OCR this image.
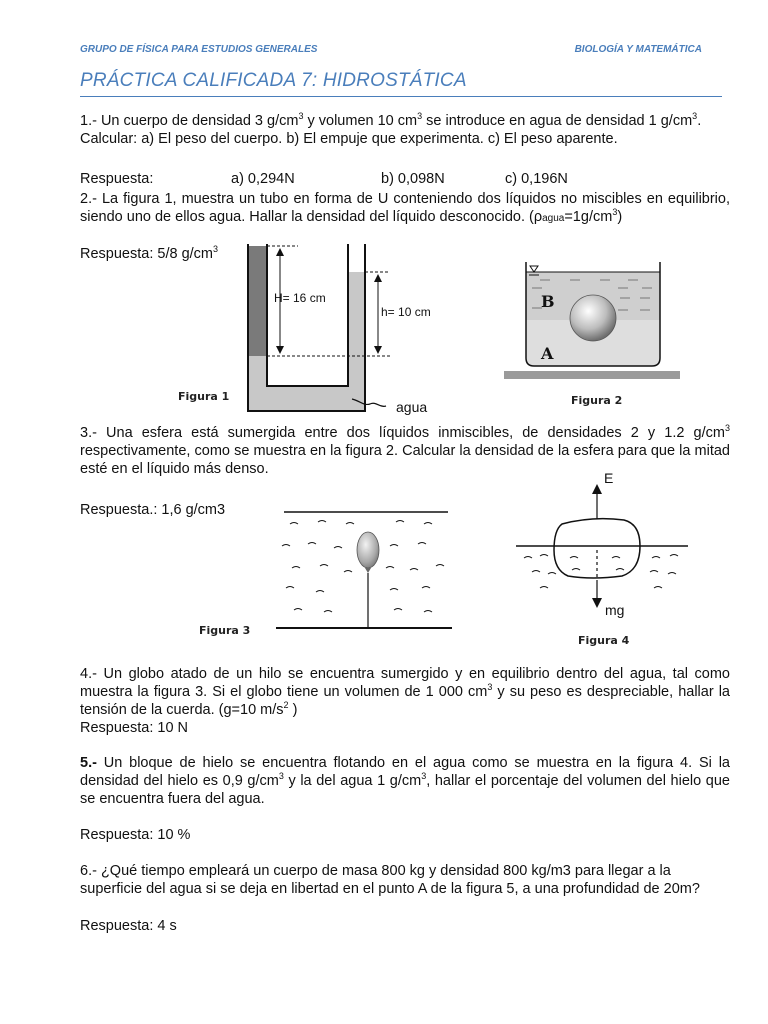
GRUPO DE FÍSICA PARA ESTUDIOS GENERALES	BIOLOGÍA Y MATEMÁTICA
PRÁCTICA CALIFICADA 7: HIDROSTÁTICA
1.- Un cuerpo de densidad 3 $g/cm^3$ y volumen 10 $cm^3$ se introduce en agua de densidad 1 $g/cm^3$.
Calcular: a) El peso del cuerpo. b) El empuje que experimenta. c) El peso aparente.
Respuesta:	a) 0,294N	b) 0,098N	c) 0,196N
2.- La figura 1, muestra un tubo en forma de U conteniendo dos líquidos no miscibles en equilibrio, siendo uno de ellos agua. Hallar la densidad del líquido desconocido. $(\rho agua=1g/cm^3)$
Respuesta: 5/8 $g/cm^3$
H= 16 cm
h= 10 cm
agua
Figura 1
B
A
Figura 2
3.- Una esfera está sumergida entre dos líquidos inmiscibles, de densidades 2 y 1.2 $g/cm^3$ respectivamente, como se muestra en la figura 2. Calcular la densidad de la esfera para que la mitad esté en el líquido más denso.
Respuesta.: 1,6 g/cm3
Figura 3
E
mg
Figura 4
4.- Un globo atado de un hilo se encuentra sumergido y en equilibrio dentro del agua, tal como muestra la figura 3. Si el globo tiene un volumen de 1 000 $cm^3$ y su peso es despreciable, hallar la tensión de la cuerda. (g=10 $m/s^2$ )
Respuesta: 10 N
5.- Un bloque de hielo se encuentra flotando en el agua como se muestra en la figura 4. Si la densidad del hielo es 0,9 $g/cm^3$ y la del agua 1 $g/cm^3$, hallar el porcentaje del volumen del hielo que se encuentra fuera del agua.
Respuesta: 10 %
6.- ¿Qué tiempo empleará un cuerpo de masa 800 kg y densidad 800 kg/m3 para llegar a la superficie del agua si se deja en libertad en el punto A de la figura 5, a una profundidad de 20m?
Respuesta: 4 s
